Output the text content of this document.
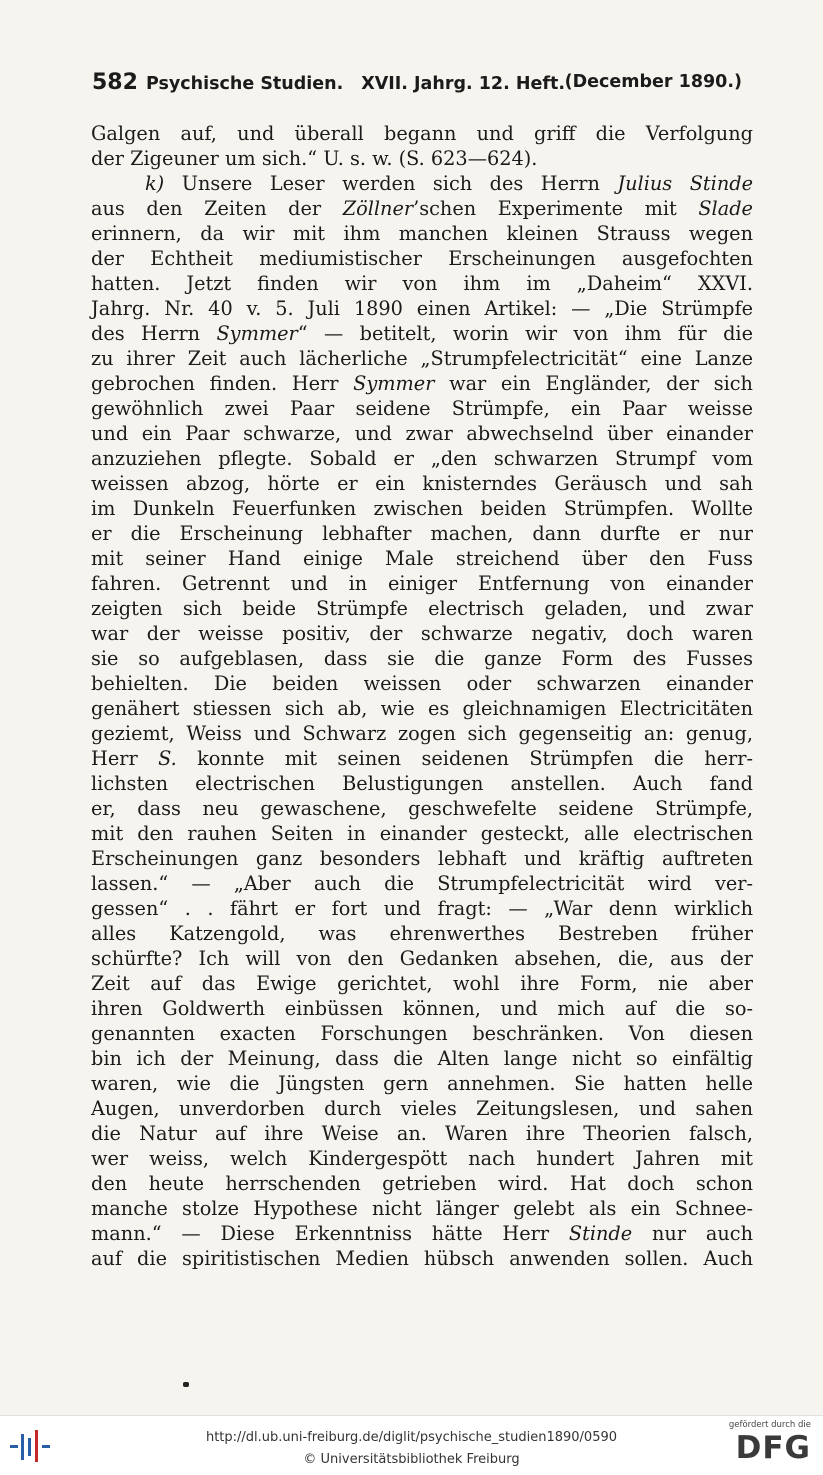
582 Psychische Studien. XVII. Jahrg. 12. Heft. (December 1890.)
Galgen auf, und überall begann und griff die Verfolgung
der Zigeuner um sich.“ U. s. w. (S. 623—624).
k) Unsere Leser werden sich des Herrn Julius Stinde
aus den Zeiten der Zöllner’schen Experimente mit Slade
erinnern, da wir mit ihm manchen kleinen Strauss wegen
der Echtheit mediumistischer Erscheinungen ausgefochten
hatten. Jetzt finden wir von ihm im „Daheim“ XXVI.
Jahrg. Nr. 40 v. 5. Juli 1890 einen Artikel: — „Die Strümpfe
des Herrn Symmer“ — betitelt, worin wir von ihm für die
zu ihrer Zeit auch lächerliche „Strumpfelectricität“ eine Lanze
gebrochen finden. Herr Symmer war ein Engländer, der sich
gewöhnlich zwei Paar seidene Strümpfe, ein Paar weisse
und ein Paar schwarze, und zwar abwechselnd über einander
anzuziehen pflegte. Sobald er „den schwarzen Strumpf vom
weissen abzog, hörte er ein knisterndes Geräusch und sah
im Dunkeln Feuerfunken zwischen beiden Strümpfen. Wollte
er die Erscheinung lebhafter machen, dann durfte er nur
mit seiner Hand einige Male streichend über den Fuss
fahren. Getrennt und in einiger Entfernung von einander
zeigten sich beide Strümpfe electrisch geladen, und zwar
war der weisse positiv, der schwarze negativ, doch waren
sie so aufgeblasen, dass sie die ganze Form des Fusses
behielten. Die beiden weissen oder schwarzen einander
genähert stiessen sich ab, wie es gleichnamigen Electricitäten
geziemt, Weiss und Schwarz zogen sich gegenseitig an: genug,
Herr S. konnte mit seinen seidenen Strümpfen die herr-
lichsten electrischen Belustigungen anstellen. Auch fand
er, dass neu gewaschene, geschwefelte seidene Strümpfe,
mit den rauhen Seiten in einander gesteckt, alle electrischen
Erscheinungen ganz besonders lebhaft und kräftig auftreten
lassen.“ — „Aber auch die Strumpfelectricität wird ver-
gessen“ . . fährt er fort und fragt: — „War denn wirklich
alles Katzengold, was ehrenwerthes Bestreben früher
schürfte? Ich will von den Gedanken absehen, die, aus der
Zeit auf das Ewige gerichtet, wohl ihre Form, nie aber
ihren Goldwerth einbüssen können, und mich auf die so-
genannten exacten Forschungen beschränken. Von diesen
bin ich der Meinung, dass die Alten lange nicht so einfältig
waren, wie die Jüngsten gern annehmen. Sie hatten helle
Augen, unverdorben durch vieles Zeitungslesen, und sahen
die Natur auf ihre Weise an. Waren ihre Theorien falsch,
wer weiss, welch Kindergespött nach hundert Jahren mit
den heute herrschenden getrieben wird. Hat doch schon
manche stolze Hypothese nicht länger gelebt als ein Schnee-
mann.“ — Diese Erkenntniss hätte Herr Stinde nur auch
auf die spiritistischen Medien hübsch anwenden sollen. Auch
http://dl.ub.uni-freiburg.de/diglit/psychische_studien1890/0590
© Universitätsbibliothek Freiburg
gefördert durch die
DFG
